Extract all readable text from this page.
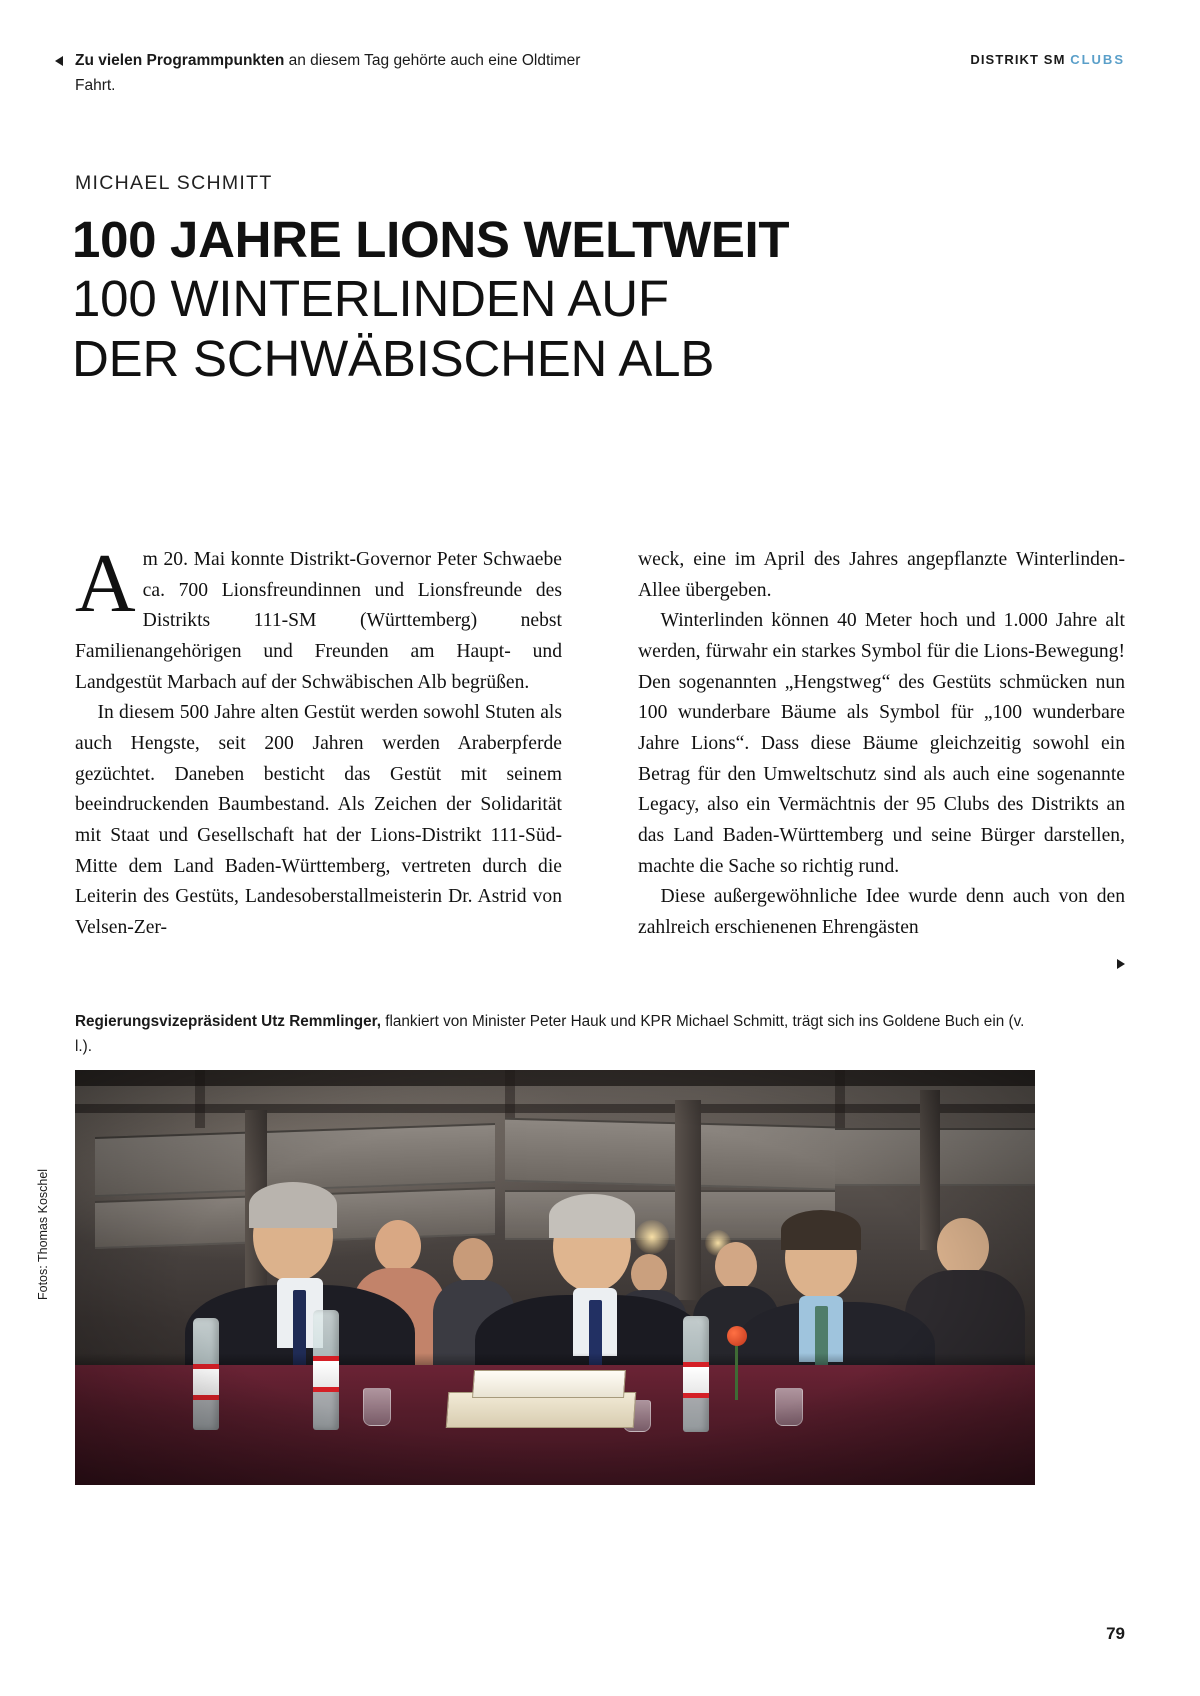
Zu vielen Programmpunkten an diesem Tag gehörte auch eine Oldtimer Fahrt.
DISTRIKT SM CLUBS
MICHAEL SCHMITT
100 JAHRE LIONS WELTWEIT
100 WINTERLINDEN AUF
DER SCHWÄBISCHEN ALB

Am 20. Mai konnte Distrikt-Governor Peter Schwaebe ca. 700 Lionsfreundinnen und Lionsfreunde des Distrikts 111-SM (Württemberg) nebst Familienangehörigen und Freunden am Haupt- und Landgestüt Marbach auf der Schwäbischen Alb begrüßen.

In diesem 500 Jahre alten Gestüt werden sowohl Stuten als auch Hengste, seit 200 Jahren werden Araberpferde gezüchtet. Daneben besticht das Gestüt mit seinem beeindruckenden Baumbestand. Als Zeichen der Solidarität mit Staat und Gesellschaft hat der Lions-Distrikt 111-Süd-Mitte dem Land Baden-Württemberg, vertreten durch die Leiterin des Gestüts, Landesoberstallmeisterin Dr. Astrid von Velsen-Zer-

weck, eine im April des Jahres angepflanzte Winterlinden-Allee übergeben.

Winterlinden können 40 Meter hoch und 1.000 Jahre alt werden, fürwahr ein starkes Symbol für die Lions-Bewegung! Den sogenannten „Hengstweg“ des Gestüts schmücken nun 100 wunderbare Bäume als Symbol für „100 wunderbare Jahre Lions“. Dass diese Bäume gleichzeitig sowohl ein Betrag für den Umweltschutz sind als auch eine sogenannte Legacy, also ein Vermächtnis der 95 Clubs des Distrikts an das Land Baden-Württemberg und seine Bürger darstellen, machte die Sache so richtig rund.

Diese außergewöhnliche Idee wurde denn auch von den zahlreich erschienenen Ehrengästen

Regierungsvizepräsident Utz Remmlinger, flankiert von Minister Peter Hauk und KPR Michael Schmitt, trägt sich ins Goldene Buch ein (v. l.).
Fotos: Thomas Koschel
79
